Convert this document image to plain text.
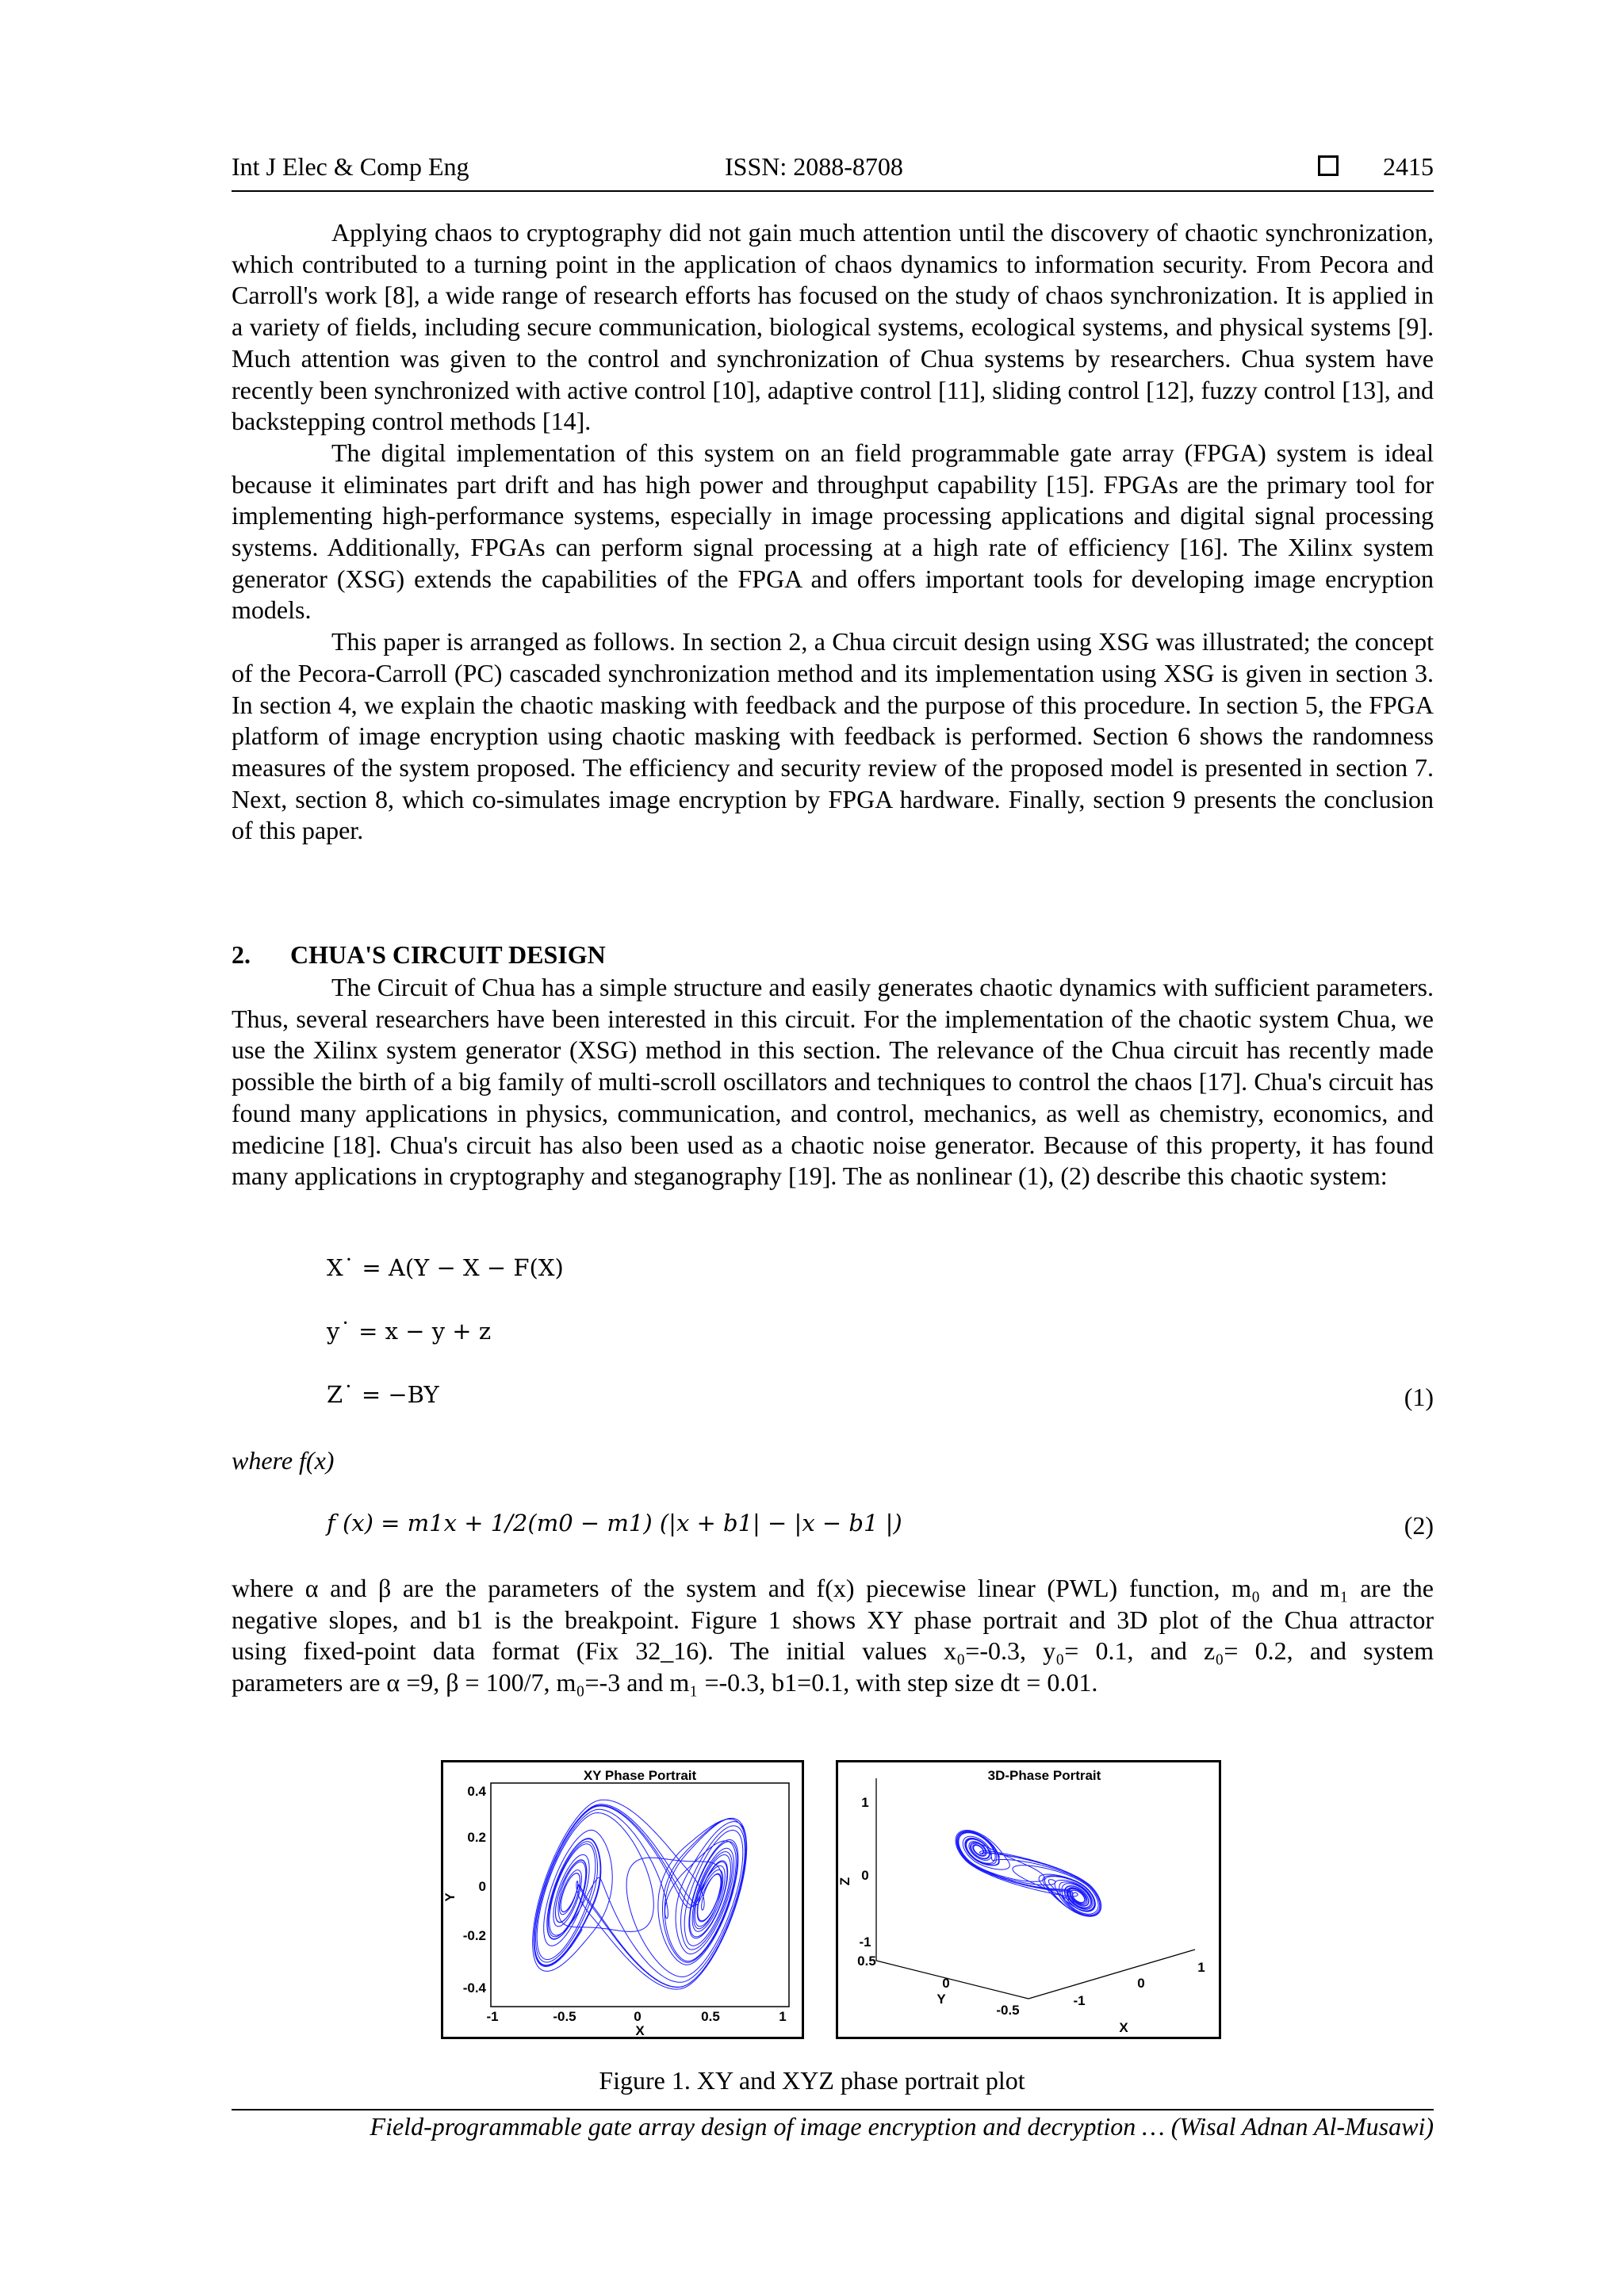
Int J Elec & Comp Eng	ISSN: 2088-8708	2415

Applying chaos to cryptography did not gain much attention until the discovery of chaotic synchronization, which contributed to a turning point in the application of chaos dynamics to information security. From Pecora and Carroll's work [8], a wide range of research efforts has focused on the study of chaos synchronization. It is applied in a variety of fields, including secure communication, biological systems, ecological systems, and physical systems [9]. Much attention was given to the control and synchronization of Chua systems by researchers. Chua system have recently been synchronized with active control [10], adaptive control [11], sliding control [12], fuzzy control [13], and backstepping control methods [14].

The digital implementation of this system on an field programmable gate array (FPGA) system is ideal because it eliminates part drift and has high power and throughput capability [15]. FPGAs are the primary tool for implementing high-performance systems, especially in image processing applications and digital signal processing systems. Additionally, FPGAs can perform signal processing at a high rate of efficiency [16]. The Xilinx system generator (XSG) extends the capabilities of the FPGA and offers important tools for developing image encryption models.

This paper is arranged as follows. In section 2, a Chua circuit design using XSG was illustrated; the concept of the Pecora-Carroll (PC) cascaded synchronization method and its implementation using XSG is given in section 3. In section 4, we explain the chaotic masking with feedback and the purpose of this procedure. In section 5, the FPGA platform of image encryption using chaotic masking with feedback is performed. Section 6 shows the randomness measures of the system proposed. The efficiency and security review of the proposed model is presented in section 7. Next, section 8, which co-simulates image encryption by FPGA hardware. Finally, section 9 presents the conclusion of this paper.

2. CHUA'S CIRCUIT DESIGN

The Circuit of Chua has a simple structure and easily generates chaotic dynamics with sufficient parameters. Thus, several researchers have been interested in this circuit. For the implementation of the chaotic system Chua, we use the Xilinx system generator (XSG) method in this section. The relevance of the Chua circuit has recently made possible the birth of a big family of multi-scroll oscillators and techniques to control the chaos [17]. Chua's circuit has found many applications in physics, communication, and control, mechanics, as well as chemistry, economics, and medicine [18]. Chua's circuit has also been used as a chaotic noise generator. Because of this property, it has found many applications in cryptography and steganography [19]. The as nonlinear (1), (2) describe this chaotic system:

X˙ = A(Y − X − F(X)
y˙ = x − y + z
Z˙ = −BY	(1)
where f(x)
f (x) = m1x + 1/2(m0 − m1) (|x + b1| − |x − b1 |)	(2)
where α and β are the parameters of the system and f(x) piecewise linear (PWL) function, m₀ and m₁ are the
negative slopes, and b1 is the breakpoint. Figure 1 shows XY phase portrait and 3D plot of the Chua attractor
using fixed-point data format (Fix 32_16). The initial values x₀=-0.3, y₀= 0.1, and z₀= 0.2, and system
parameters are α =9, β = 100/7, m₀=-3 and m₁ =-0.3, b1=0.1, with step size dt = 0.01.
XY Phase Portrait
0.4
0.2
0
-0.2
-0.4
Y
-1	-0.5	0	0.5	1
X
3D-Phase Portrait
1
0
-1
Z
0.5
0
-0.5
Y	-1
0
1
X
Figure 1. XY and XYZ phase portrait plot
Field-programmable gate array design of image encryption and decryption … (Wisal Adnan Al-Musawi)
